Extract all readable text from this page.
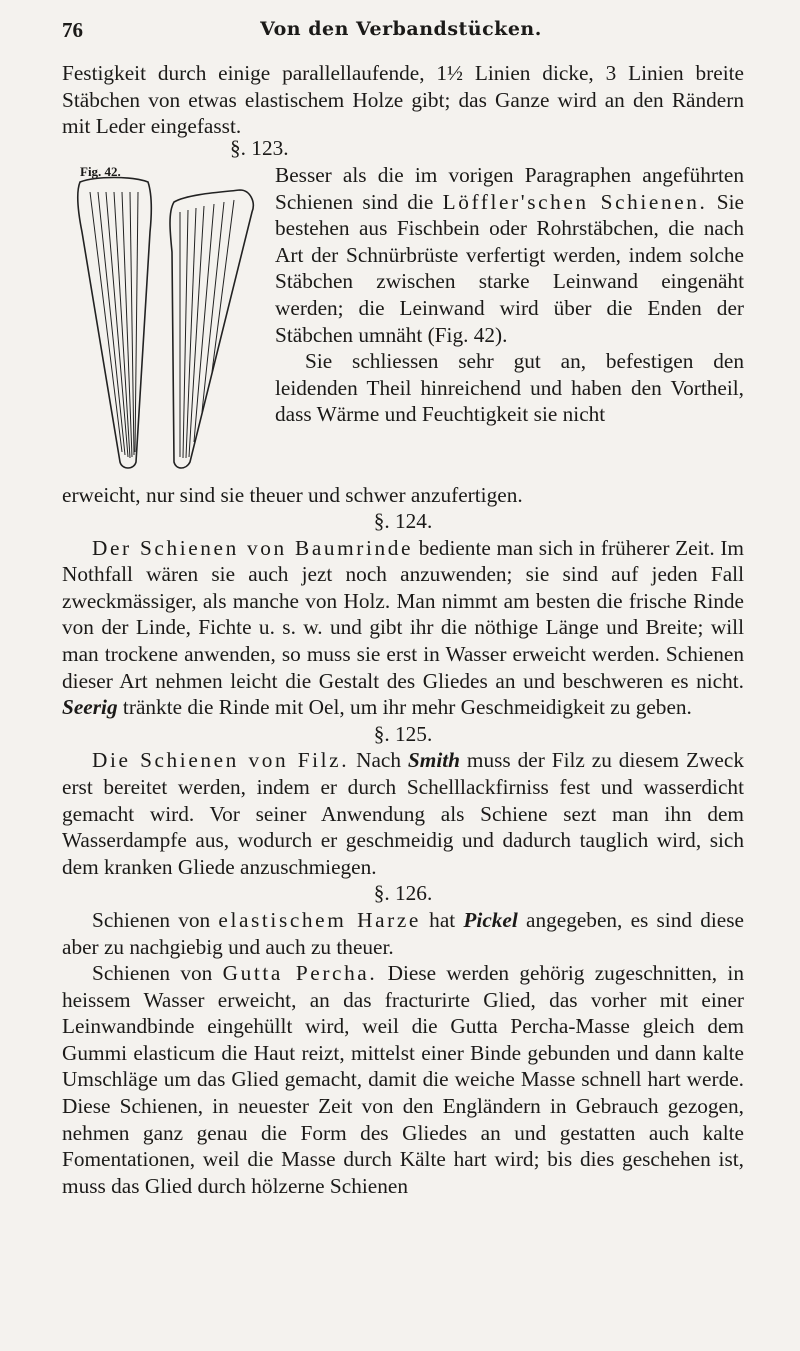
76	Von den Verbandstücken.

Festigkeit durch einige parallellaufende, 1½ Linien dicke, 3 Linien breite Stäbchen von etwas elastischem Holze gibt; das Ganze wird an den Rändern mit Leder eingefasst.

§. 123.
Fig. 42.	Besser als die im vorigen Paragraphen angeführten Schienen sind die Löffler'schen Schienen. Sie bestehen aus Fischbein oder Rohrstäbchen, die nach Art der Schnürbrüste verfertigt werden, indem solche Stäbchen zwischen starke Leinwand eingenäht werden; die Leinwand wird über die Enden der Stäbchen umnäht (Fig. 42).

Sie schliessen sehr gut an, befestigen den leidenden Theil hinreichend und haben den Vortheil, dass Wärme und Feuchtigkeit sie nicht

erweicht, nur sind sie theuer und schwer anzufertigen.

§. 124.

Der Schienen von Baumrinde bediente man sich in früherer Zeit. Im Nothfall wären sie auch jezt noch anzuwenden; sie sind auf jeden Fall zweckmässiger, als manche von Holz. Man nimmt am besten die frische Rinde von der Linde, Fichte u. s. w. und gibt ihr die nöthige Länge und Breite; will man trockene anwenden, so muss sie erst in Wasser erweicht werden. Schienen dieser Art nehmen leicht die Gestalt des Gliedes an und beschweren es nicht. Seerig tränkte die Rinde mit Oel, um ihr mehr Geschmeidigkeit zu geben.

§. 125.

Die Schienen von Filz. Nach Smith muss der Filz zu diesem Zweck erst bereitet werden, indem er durch Schelllackfirniss fest und wasserdicht gemacht wird. Vor seiner Anwendung als Schiene sezt man ihn dem Wasserdampfe aus, wodurch er geschmeidig und dadurch tauglich wird, sich dem kranken Gliede anzuschmiegen.

§. 126.

Schienen von elastischem Harze hat Pickel angegeben, es sind diese aber zu nachgiebig und auch zu theuer.

Schienen von Gutta Percha. Diese werden gehörig zugeschnitten, in heissem Wasser erweicht, an das fracturirte Glied, das vorher mit einer Leinwandbinde eingehüllt wird, weil die Gutta Percha-Masse gleich dem Gummi elasticum die Haut reizt, mittelst einer Binde gebunden und dann kalte Umschläge um das Glied gemacht, damit die weiche Masse schnell hart werde. Diese Schienen, in neuester Zeit von den Engländern in Gebrauch gezogen, nehmen ganz genau die Form des Gliedes an und gestatten auch kalte Fomentationen, weil die Masse durch Kälte hart wird; bis dies geschehen ist, muss das Glied durch hölzerne Schienen
